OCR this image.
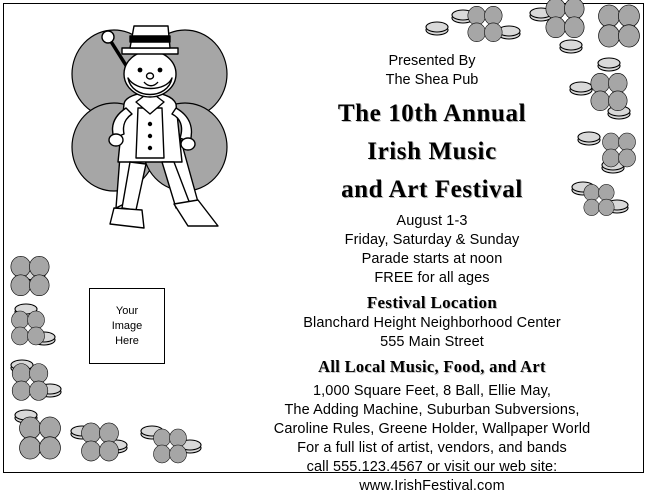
Your
Image
Here
Presented By
The Shea Pub
The 10th Annual
Irish Music
and Art Festival
August 1-3
Friday, Saturday & Sunday
Parade starts at noon
FREE for all ages
Festival Location
Blanchard Height Neighborhood Center
555 Main Street
All Local Music, Food, and Art
1,000 Square Feet, 8 Ball, Ellie May,
The Adding Machine, Suburban Subversions,
Caroline Rules, Greene Holder, Wallpaper World
For a full list of artist, vendors, and bands
call 555.123.4567 or visit our web site:
www.IrishFestival.com
